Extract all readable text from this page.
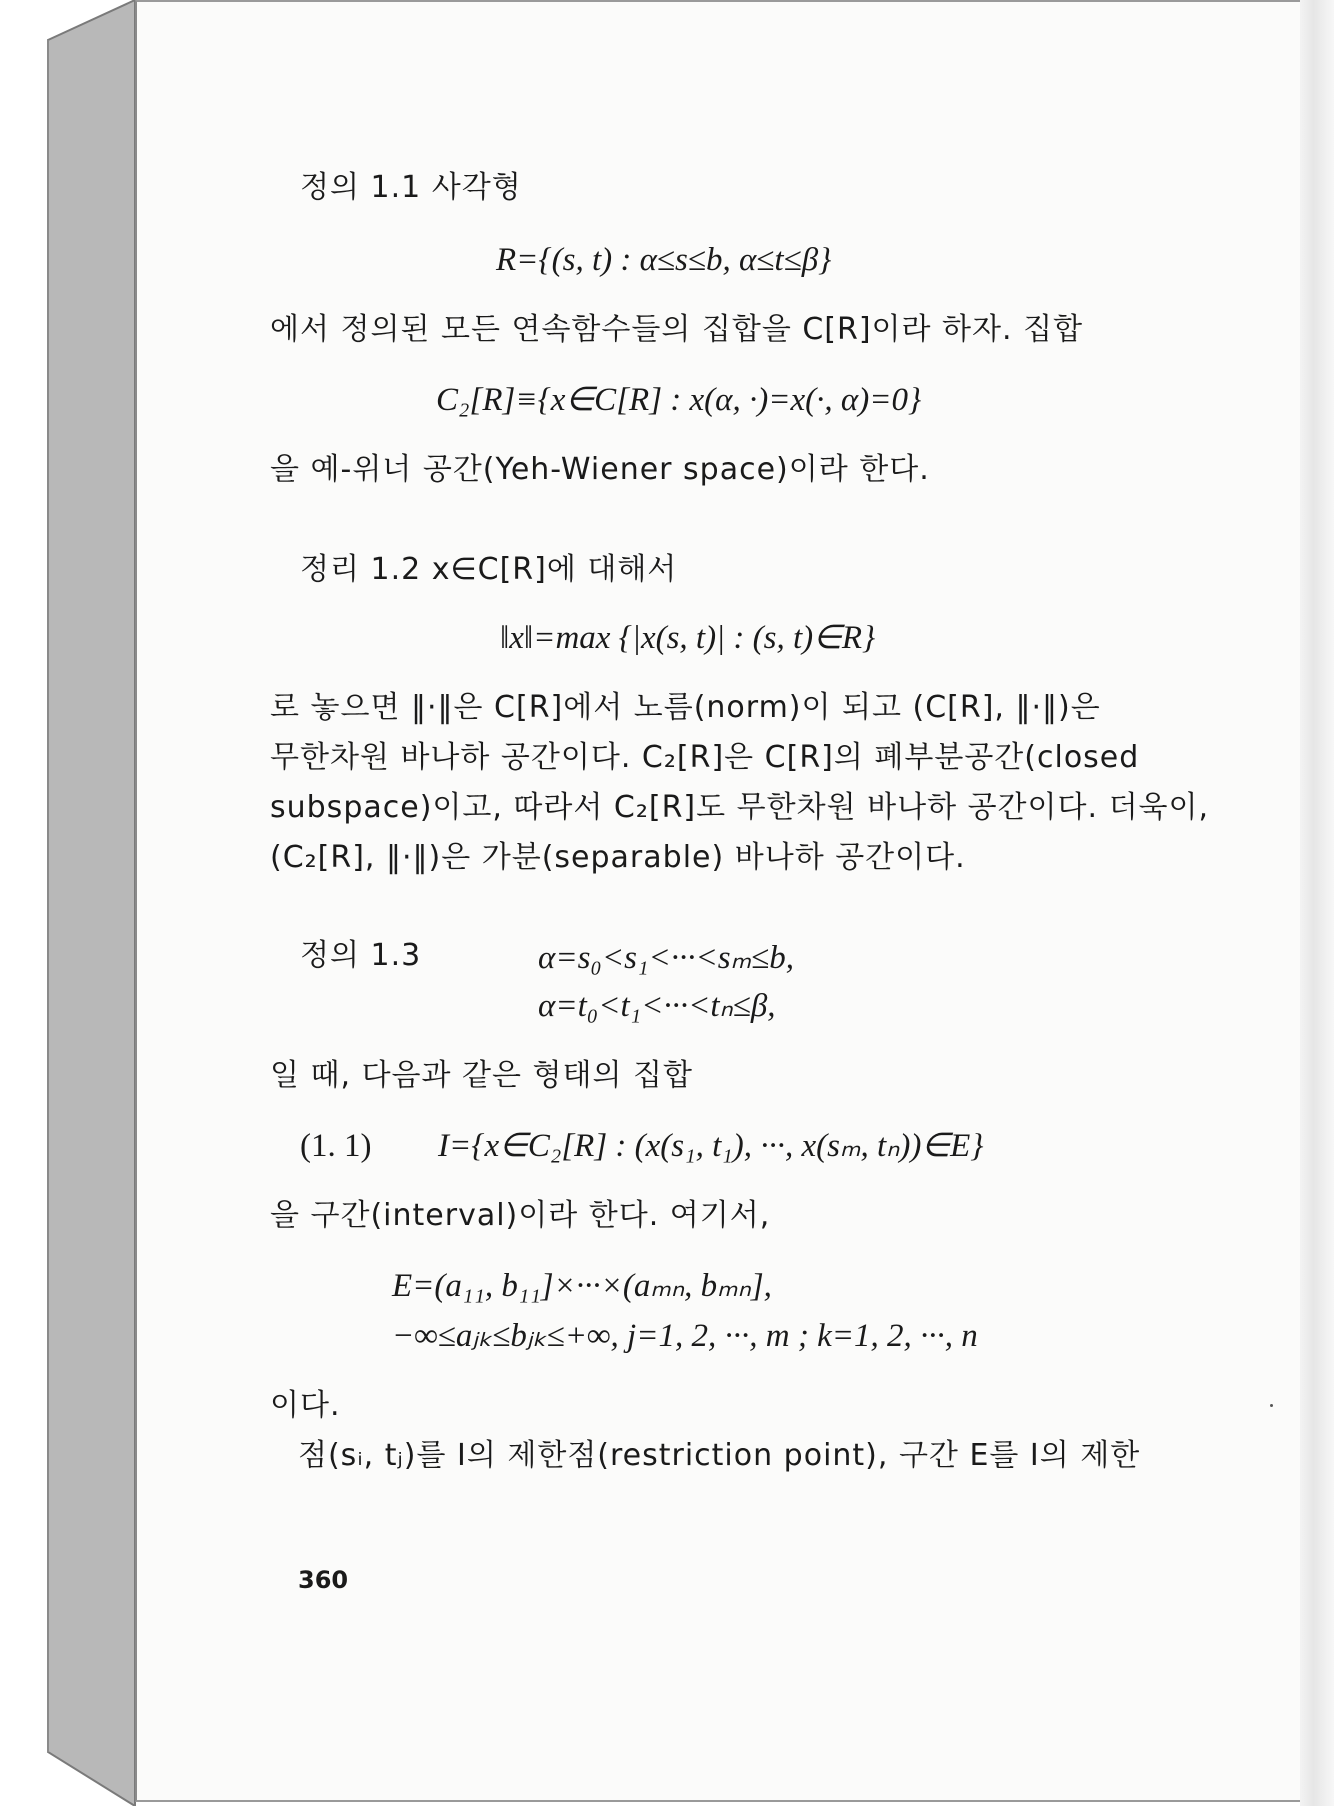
정의 1.1 사각형
R={(s, t) : α≤s≤b, α≤t≤β}
에서 정의된 모든 연속함수들의 집합을 C[R]이라 하자. 집합
C₂[R]≡{x∈C[R] : x(α, ·)=x(·, α)=0}
을 예-위너 공간(Yeh-Wiener space)이라 한다.
정리 1.2 x∈C[R]에 대해서
‖x‖=max {|x(s, t)| : (s, t)∈R}
로 놓으면 ‖·‖은 C[R]에서 노름(norm)이 되고 (C[R], ‖·‖)은
무한차원 바나하 공간이다. C₂[R]은 C[R]의 폐부분공간(closed
subspace)이고, 따라서 C₂[R]도 무한차원 바나하 공간이다. 더욱이,
(C₂[R], ‖·‖)은 가분(separable) 바나하 공간이다.
정의 1.3	α=s₀<s₁<···<sₘ≤b,
α=t₀<t₁<···<tₙ≤β,
일 때, 다음과 같은 형태의 집합
(1. 1) I={x∈C₂[R] : (x(s₁, t₁), ···, x(sₘ, tₙ))∈E}
을 구간(interval)이라 한다. 여기서,
E=(a₁₁, b₁₁]×···×(aₘₙ, bₘₙ],
−∞≤aⱼₖ≤bⱼₖ≤+∞, j=1, 2, ···, m ; k=1, 2, ···, n
이다.
점(sᵢ, tⱼ)를 I의 제한점(restriction point), 구간 E를 I의 제한
360
